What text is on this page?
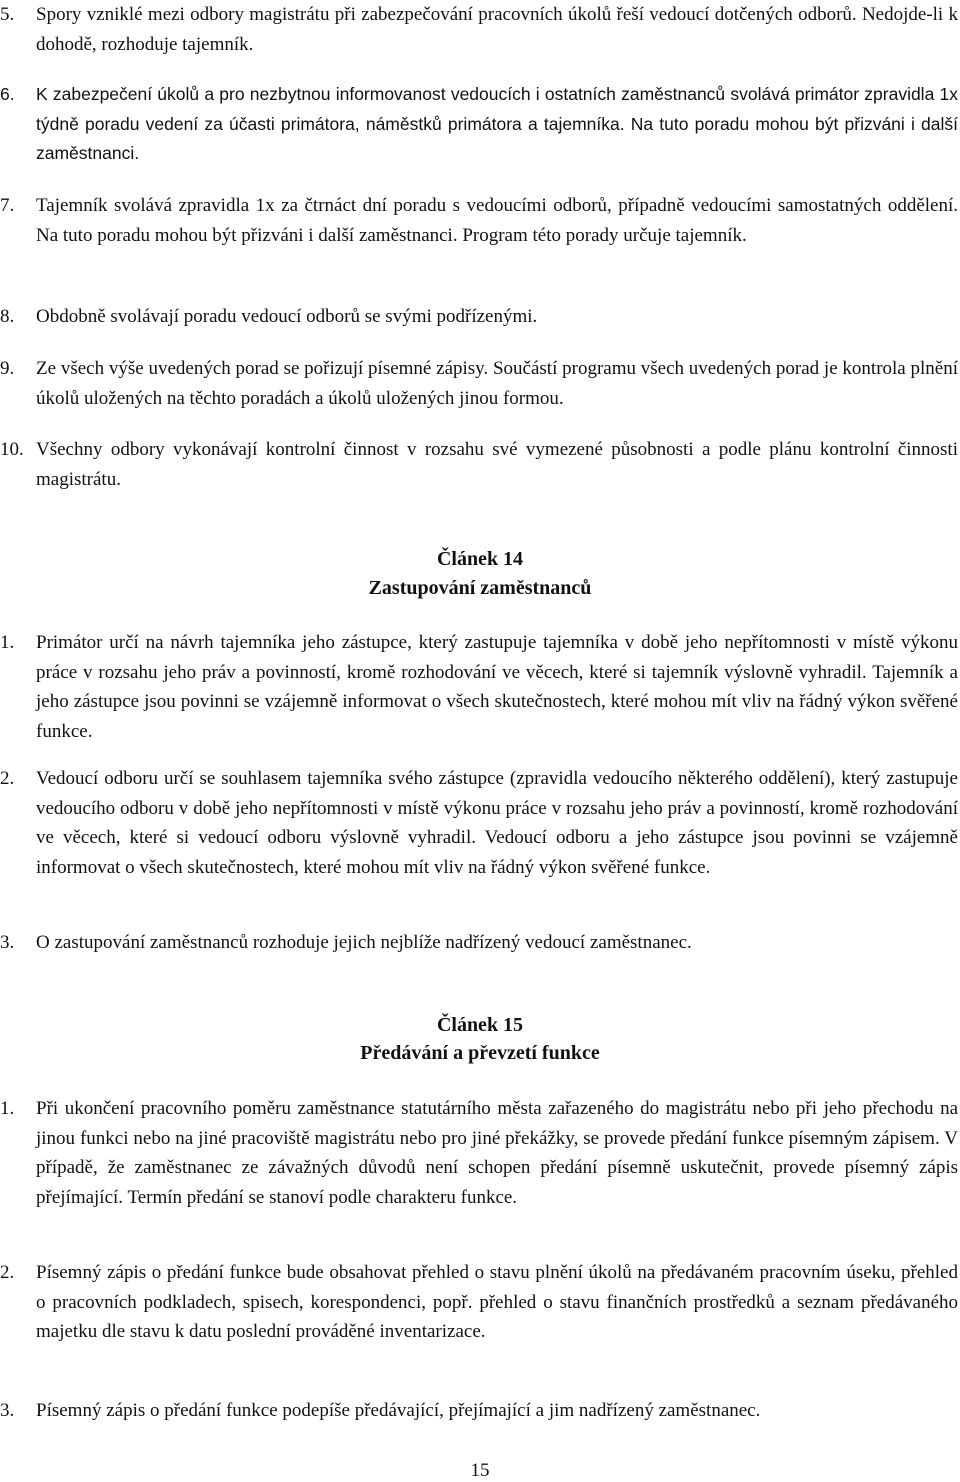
5. Spory vzniklé mezi odbory magistrátu při zabezpečování pracovních úkolů řeší vedoucí dotčených odborů. Nedojde-li k dohodě, rozhoduje tajemník.
6. K zabezpečení úkolů a pro nezbytnou informovanost vedoucích i ostatních zaměstnanců svolává primátor zpravidla 1x týdně poradu vedení za účasti primátora, náměstků primátora a tajemníka. Na tuto poradu mohou být přizváni i další zaměstnanci.
7. Tajemník svolává zpravidla 1x za čtrnáct dní poradu s vedoucími odborů, případně vedoucími samostatných oddělení. Na tuto poradu mohou být přizváni i další zaměstnanci. Program této porady určuje tajemník.
8. Obdobně svolávají poradu vedoucí odborů se svými podřízenými.
9. Ze všech výše uvedených porad se pořizují písemné zápisy. Součástí programu všech uvedených porad je kontrola plnění úkolů uložených na těchto poradách a úkolů uložených jinou formou.
10. Všechny odbory vykonávají kontrolní činnost v rozsahu své vymezené působnosti a podle plánu kontrolní činnosti magistrátu.
Článek 14
Zastupování zaměstnanců
1. Primátor určí na návrh tajemníka jeho zástupce, který zastupuje tajemníka v době jeho nepřítomnosti v místě výkonu práce v rozsahu jeho práv a povinností, kromě rozhodování ve věcech, které si tajemník výslovně vyhradil. Tajemník a jeho zástupce jsou povinni se vzájemně informovat o všech skutečnostech, které mohou mít vliv na řádný výkon svěřené funkce.
2. Vedoucí odboru určí se souhlasem tajemníka svého zástupce (zpravidla vedoucího některého oddělení), který zastupuje vedoucího odboru v době jeho nepřítomnosti v místě výkonu práce v rozsahu jeho práv a povinností, kromě rozhodování ve věcech, které si vedoucí odboru výslovně vyhradil. Vedoucí odboru a jeho zástupce jsou povinni se vzájemně informovat o všech skutečnostech, které mohou mít vliv na řádný výkon svěřené funkce.
3. O zastupování zaměstnanců rozhoduje jejich nejblíže nadřízený vedoucí zaměstnanec.
Článek 15
Předávání a převzetí funkce
1. Při ukončení pracovního poměru zaměstnance statutárního města zařazeného do magistrátu nebo při jeho přechodu na jinou funkci nebo na jiné pracoviště magistrátu nebo pro jiné překážky, se provede předání funkce písemným zápisem. V případě, že zaměstnanec ze závažných důvodů není schopen předání písemně uskutečnit, provede písemný zápis přejímající. Termín předání se stanoví podle charakteru funkce.
2. Písemný zápis o předání funkce bude obsahovat přehled o stavu plnění úkolů na předávaném pracovním úseku, přehled o pracovních podkladech, spisech, korespondenci, popř. přehled o stavu finančních prostředků a seznam předávaného majetku dle stavu k datu poslední prováděné inventarizace.
3. Písemný zápis o předání funkce podepíše předávající, přejímající a jim nadřízený zaměstnanec.
15
